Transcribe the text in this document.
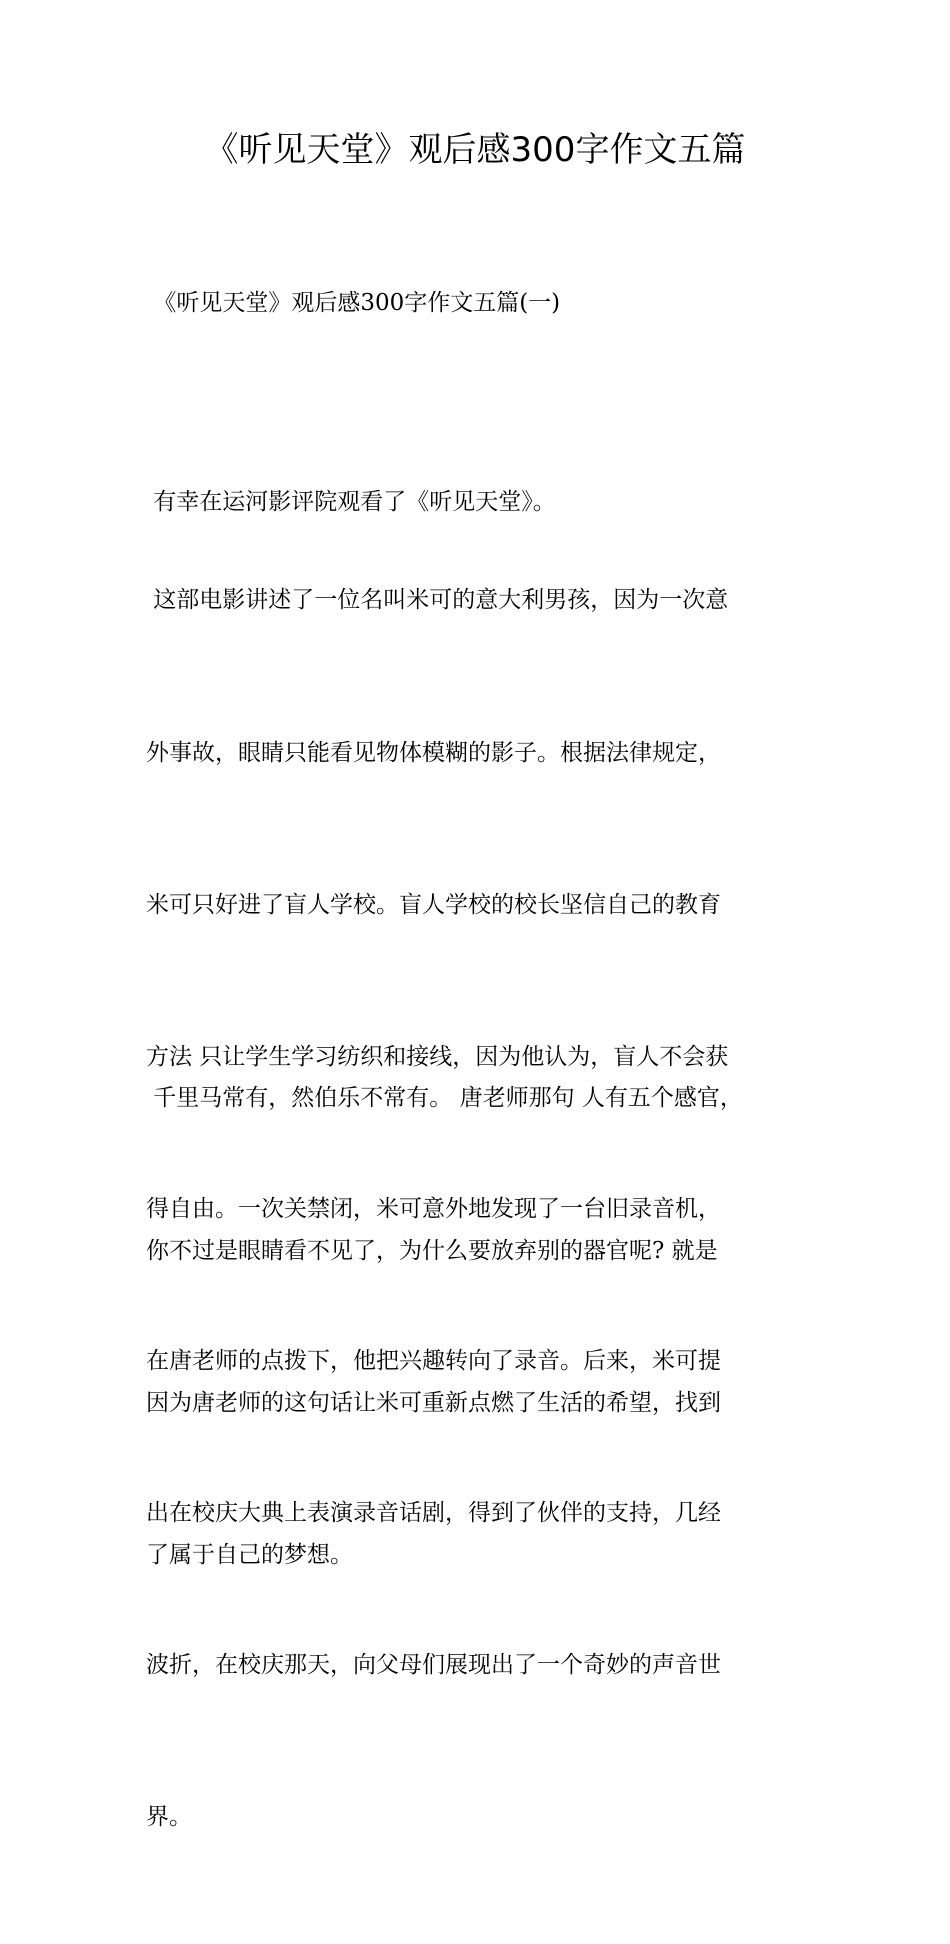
《听见天堂》观后感300字作文五篇
《听见天堂》观后感300字作文五篇(一)

有幸在运河影评院观看了《听见天堂》。

这部电影讲述了一位名叫米可的意大利男孩，因为一次意

外事故，眼睛只能看见物体模糊的影子。根据法律规定，

米可只好进了盲人学校。盲人学校的校长坚信自己的教育

方法 只让学生学习纺织和接线，因为他认为，盲人不会获

得自由。一次关禁闭，米可意外地发现了一台旧录音机，

在唐老师的点拨下，他把兴趣转向了录音。后来，米可提

出在校庆大典上表演录音话剧，得到了伙伴的支持，几经

波折，在校庆那天，向父母们展现出了一个奇妙的声音世

界。

千里马常有，然伯乐不常有。 唐老师那句 人有五个感官，

你不过是眼睛看不见了，为什么要放弃别的器官呢? 就是

因为唐老师的这句话让米可重新点燃了生活的希望，找到

了属于自己的梦想。
